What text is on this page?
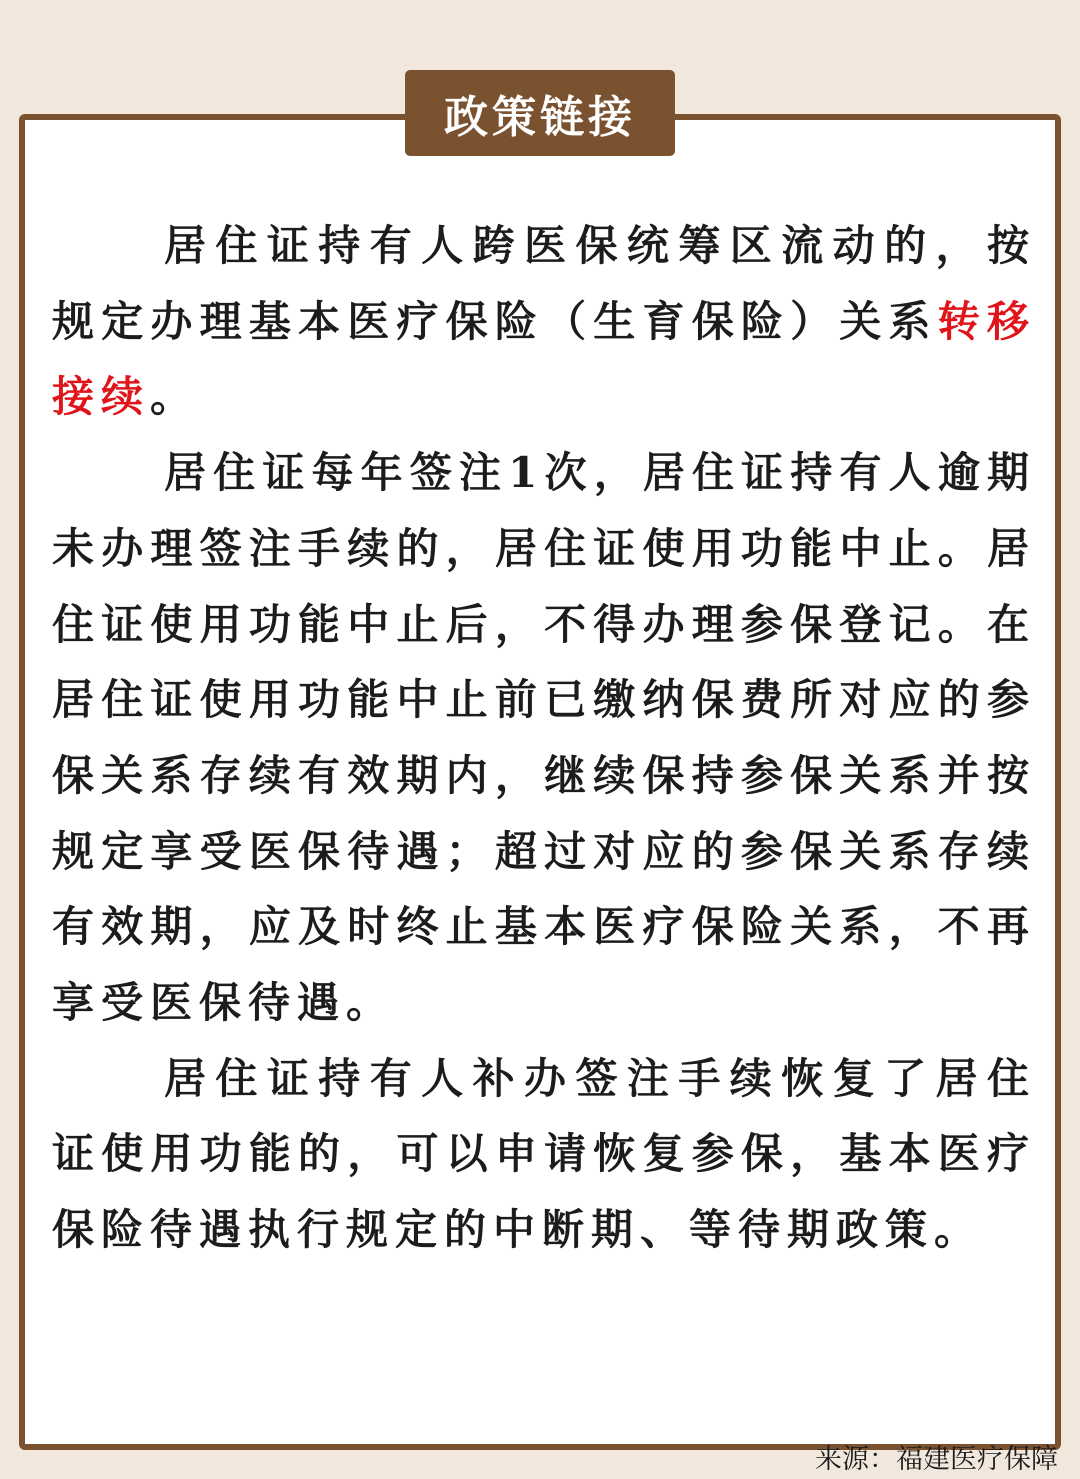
政策链接

居住证持有人跨医保统筹区流动的，按规定办理基本医疗保险（生育保险）关系转移接续。

居住证每年签注1次，居住证持有人逾期未办理签注手续的，居住证使用功能中止。居住证使用功能中止后，不得办理参保登记。在居住证使用功能中止前已缴纳保费所对应的参保关系存续有效期内，继续保持参保关系并按规定享受医保待遇；超过对应的参保关系存续有效期，应及时终止基本医疗保险关系，不再享受医保待遇。

居住证持有人补办签注手续恢复了居住证使用功能的，可以申请恢复参保，基本医疗保险待遇执行规定的中断期、等待期政策。

来源：福建医疗保障
